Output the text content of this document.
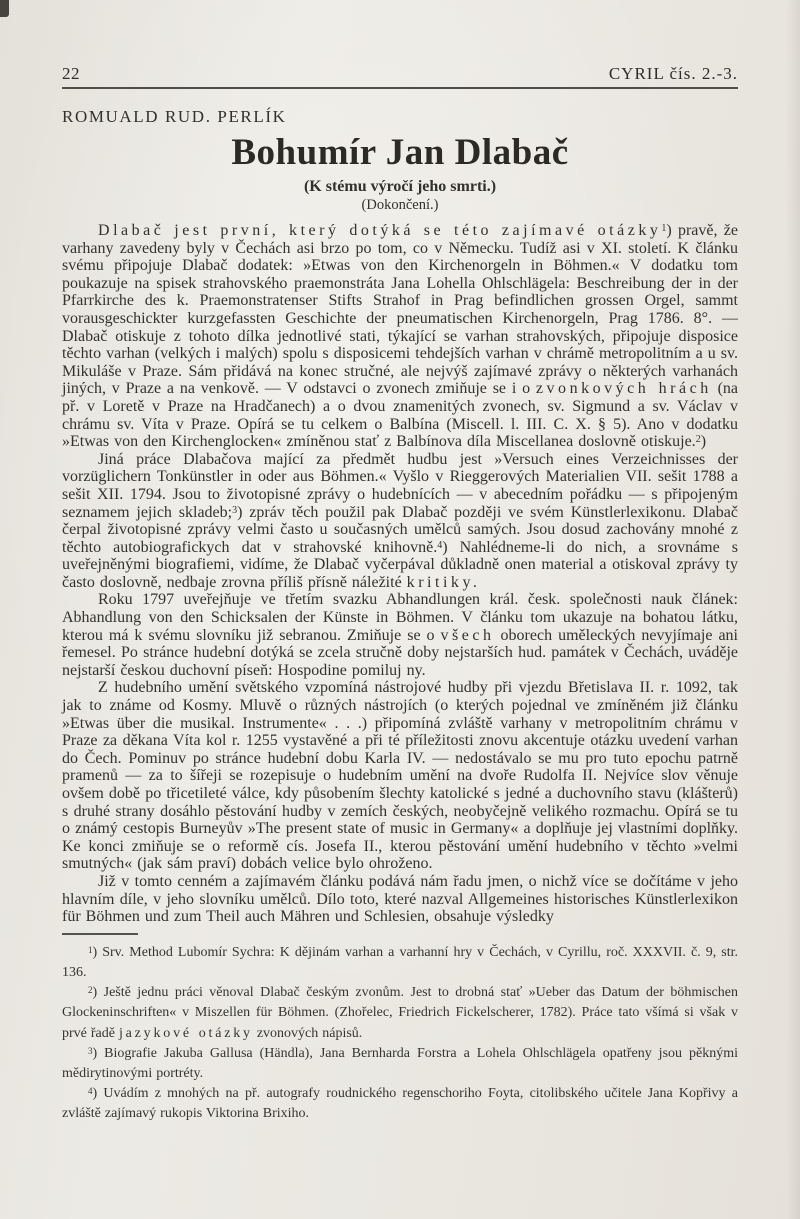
22	CYRIL čís. 2.-3.
ROMUALD RUD. PERLÍK
Bohumír Jan Dlabač
(K stému výročí jeho smrti.)
(Dokončení.)

Dlabač jest první, který dotýká se této zajímavé otázky$^1$) pravě, že varhany zavedeny byly v Čechách asi brzo po tom, co v Německu. Tudíž asi v XI. století. K článku svému připojuje Dlabač dodatek: »Etwas von den Kirchenorgeln in Böhmen.« V dodatku tom poukazuje na spisek strahovského praemonstráta Jana Lohella Ohlschlägela: Beschreibung der in der Pfarrkirche des k. Praemonstratenser Stifts Strahof in Prag befindlichen grossen Orgel, sammt vorausgeschickter kurzgefassten Geschichte der pneumatischen Kirchenorgeln, Prag 1786. 8°. — Dlabač otiskuje z tohoto dílka jednotlivé stati, týkající se varhan strahovských, připojuje disposice těchto varhan (velkých i malých) spolu s disposicemi tehdejších varhan v chrámě metropolitním a u sv. Mikuláše v Praze. Sám přidává na konec stručné, ale nejvýš zajímavé zprávy o některých varhanách jiných, v Praze a na venkově. — V odstavci o zvonech zmiňuje se i o zvonkových hrách (na př. v Loretě v Praze na Hradčanech) a o dvou znamenitých zvonech, sv. Sigmund a sv. Václav v chrámu sv. Víta v Praze. Opírá se tu celkem o Balbína (Miscell. l. III. C. X. § 5). Ano v dodatku »Etwas von den Kirchenglocken« zmíněnou stať z Balbínova díla Miscellanea doslovně otiskuje.$^2$)

Jiná práce Dlabačova mající za předmět hudbu jest »Versuch eines Verzeichnisses der vorzüglichern Tonkünstler in oder aus Böhmen.« Vyšlo v Rieggerových Materialien VII. sešit 1788 a sešit XII. 1794. Jsou to životopisné zprávy o hudebnících — v abecedním pořádku — s připojeným seznamem jejich skladeb;$^3$) zpráv těch použil pak Dlabač později ve svém Künstlerlexikonu. Dlabač čerpal životopisné zprávy velmi často u současných umělců samých. Jsou dosud zachovány mnohé z těchto autobiografickych dat v strahovské knihovně.$^4$) Nahlédneme-li do nich, a srovnáme s uveřejněnými biografiemi, vidíme, že Dlabač vyčerpával důkladně onen material a otiskoval zprávy ty často doslovně, nedbaje zrovna příliš přísně náležité kritiky.

Roku 1797 uveřejňuje ve třetím svazku Abhandlungen král. česk. společnosti nauk článek: Abhandlung von den Schicksalen der Künste in Böhmen. V článku tom ukazuje na bohatou látku, kterou má k svému slovníku již sebranou. Zmiňuje se o všech oborech uměleckých nevyjímaje ani řemesel. Po stránce hudební dotýká se zcela stručně doby nejstarších hud. památek v Čechách, uváděje nejstarší českou duchovní píseň: Hospodine pomiluj ny.

Z hudebního umění světského vzpomíná nástrojové hudby při vjezdu Břetislava II. r. 1092, tak jak to známe od Kosmy. Mluvě o různých nástrojích (o kterých pojednal ve zmíněném již článku »Etwas über die musikal. Instrumente« . . .) připomíná zvláště varhany v metropolitním chrámu v Praze za děkana Víta kol r. 1255 vystavěné a při té příležitosti znovu akcentuje otázku uvedení varhan do Čech. Pominuv po stránce hudební dobu Karla IV. — nedostávalo se mu pro tuto epochu patrně pramenů — za to šířeji se rozepisuje o hudebním umění na dvoře Rudolfa II. Nejvíce slov věnuje ovšem době po třicetileté válce, kdy působením šlechty katolické s jedné a duchovního stavu (klášterů) s druhé strany dosáhlo pěstování hudby v zemích českých, neobyčejně velikého rozmachu. Opírá se tu o známý cestopis Burneyův »The present state of music in Germany« a doplňuje jej vlastními doplňky. Ke konci zmiňuje se o reformě cís. Josefa II., kterou pěstování umění hudebního v těchto »velmi smutných« (jak sám praví) dobách velice bylo ohroženo.

Již v tomto cenném a zajímavém článku podává nám řadu jmen, o nichž více se dočítáme v jeho hlavním díle, v jeho slovníku umělců. Dílo toto, které nazval Allgemeines historisches Künstlerlexikon für Böhmen und zum Theil auch Mähren und Schlesien, obsahuje výsledky

$^1$) Srv. Method Lubomír Sychra: K dějinám varhan a varhanní hry v Čechách, v Cyrillu, roč. XXXVII. č. 9, str. 136.

$^2$) Ještě jednu práci věnoval Dlabač českým zvonům. Jest to drobná stať »Ueber das Datum der böhmischen Glockeninschriften« v Miszellen für Böhmen. (Zhořelec, Friedrich Fickelscherer, 1782). Práce tato všímá si však v prvé řadě jazykové otázky zvonových nápisů.

$^3$) Biografie Jakuba Gallusa (Händla), Jana Bernharda Forstra a Lohela Ohlschlägela opatřeny jsou pěknými mědirytinovými portréty.

$^4$) Uvádím z mnohých na př. autografy roudnického regenschoriho Foyta, citolibského učitele Jana Kopřivy a zvláště zajímavý rukopis Viktorina Brixiho.
